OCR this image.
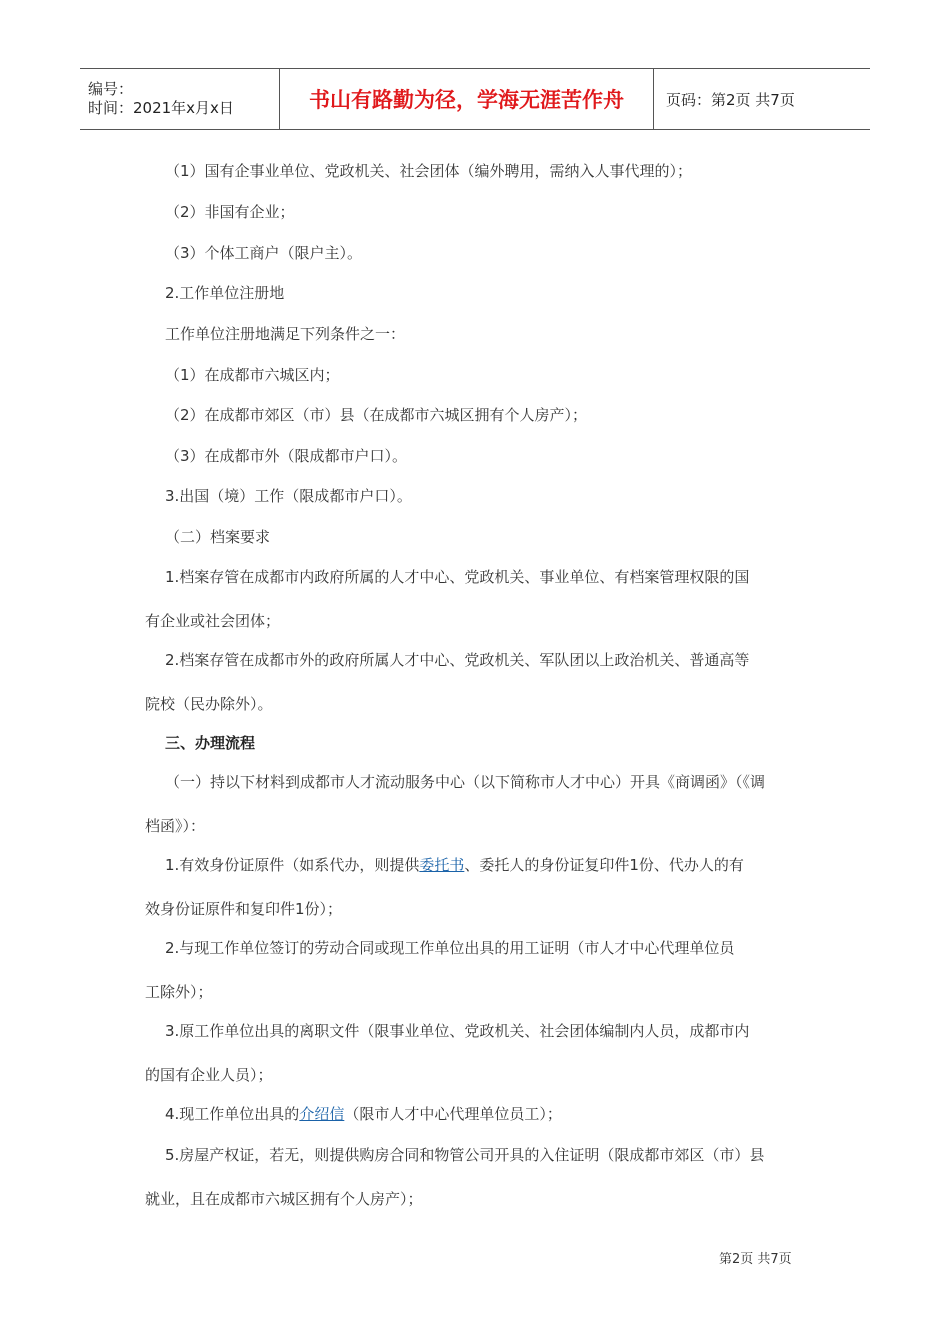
编号：
时间：2021年x月x日	书山有路勤为径，学海无涯苦作舟	页码：第2页 共7页
（1）国有企事业单位、党政机关、社会团体（编外聘用，需纳入人事代理的）；
（2）非国有企业；
（3）个体工商户（限户主）。
2.工作单位注册地
工作单位注册地满足下列条件之一：
（1）在成都市六城区内；
（2）在成都市郊区（市）县（在成都市六城区拥有个人房产）；
（3）在成都市外（限成都市户口）。
3.出国（境）工作（限成都市户口）。
（二）档案要求
1.档案存管在成都市内政府所属的人才中心、党政机关、事业单位、有档案管理权限的国
有企业或社会团体；
2.档案存管在成都市外的政府所属人才中心、党政机关、军队团以上政治机关、普通高等
院校（民办除外）。
三、办理流程
（一）持以下材料到成都市人才流动服务中心（以下简称市人才中心）开具《商调函》（《调
档函》）：
1.有效身份证原件（如系代办，则提供委托书、委托人的身份证复印件1份、代办人的有
效身份证原件和复印件1份）；
2.与现工作单位签订的劳动合同或现工作单位出具的用工证明（市人才中心代理单位员
工除外）；
3.原工作单位出具的离职文件（限事业单位、党政机关、社会团体编制内人员，成都市内
的国有企业人员）；
4.现工作单位出具的介绍信（限市人才中心代理单位员工）；
5.房屋产权证，若无，则提供购房合同和物管公司开具的入住证明（限成都市郊区（市）县
就业，且在成都市六城区拥有个人房产）；
第2页 共7页
